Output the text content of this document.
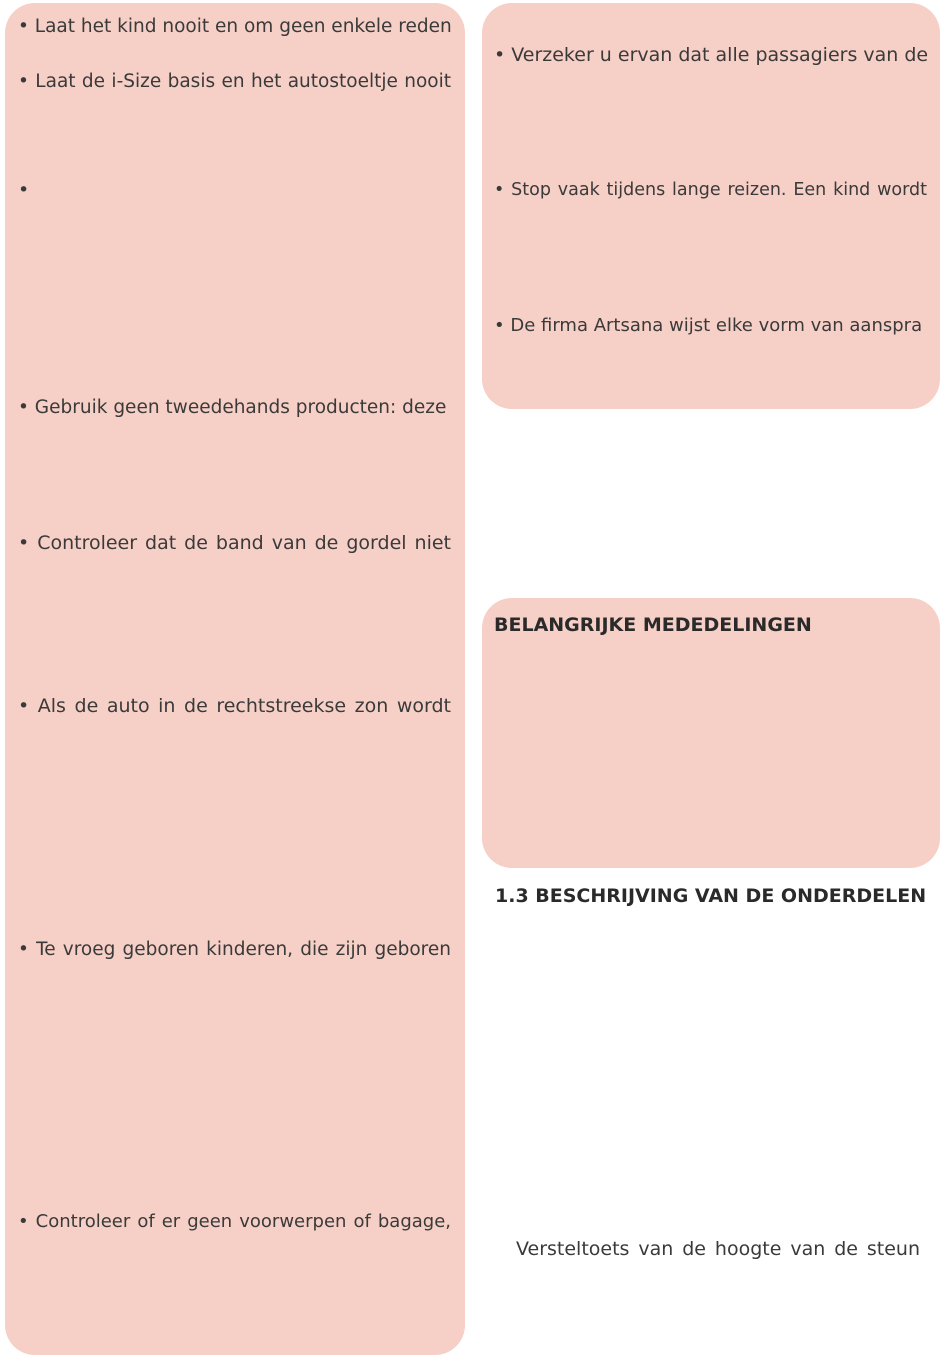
• Laat het kind nooit en om geen enkele reden
• Laat de i-Size basis en het autostoeltje nooit
•
• Gebruik geen tweedehands producten: deze
• Controleer dat de band van de gordel niet
• Als de auto in de rechtstreekse zon wordt
• Te vroeg geboren kinderen, die zijn geboren
• Controleer of er geen voorwerpen of bagage,
• Verzeker u ervan dat alle passagiers van de
• Stop vaak tijdens lange reizen. Een kind wordt
• De firma Artsana wijst elke vorm van aanspra
BELANGRIJKE MEDEDELINGEN
1.3 BESCHRIJVING VAN DE ONDERDELEN
Versteltoets van de hoogte van de steun
